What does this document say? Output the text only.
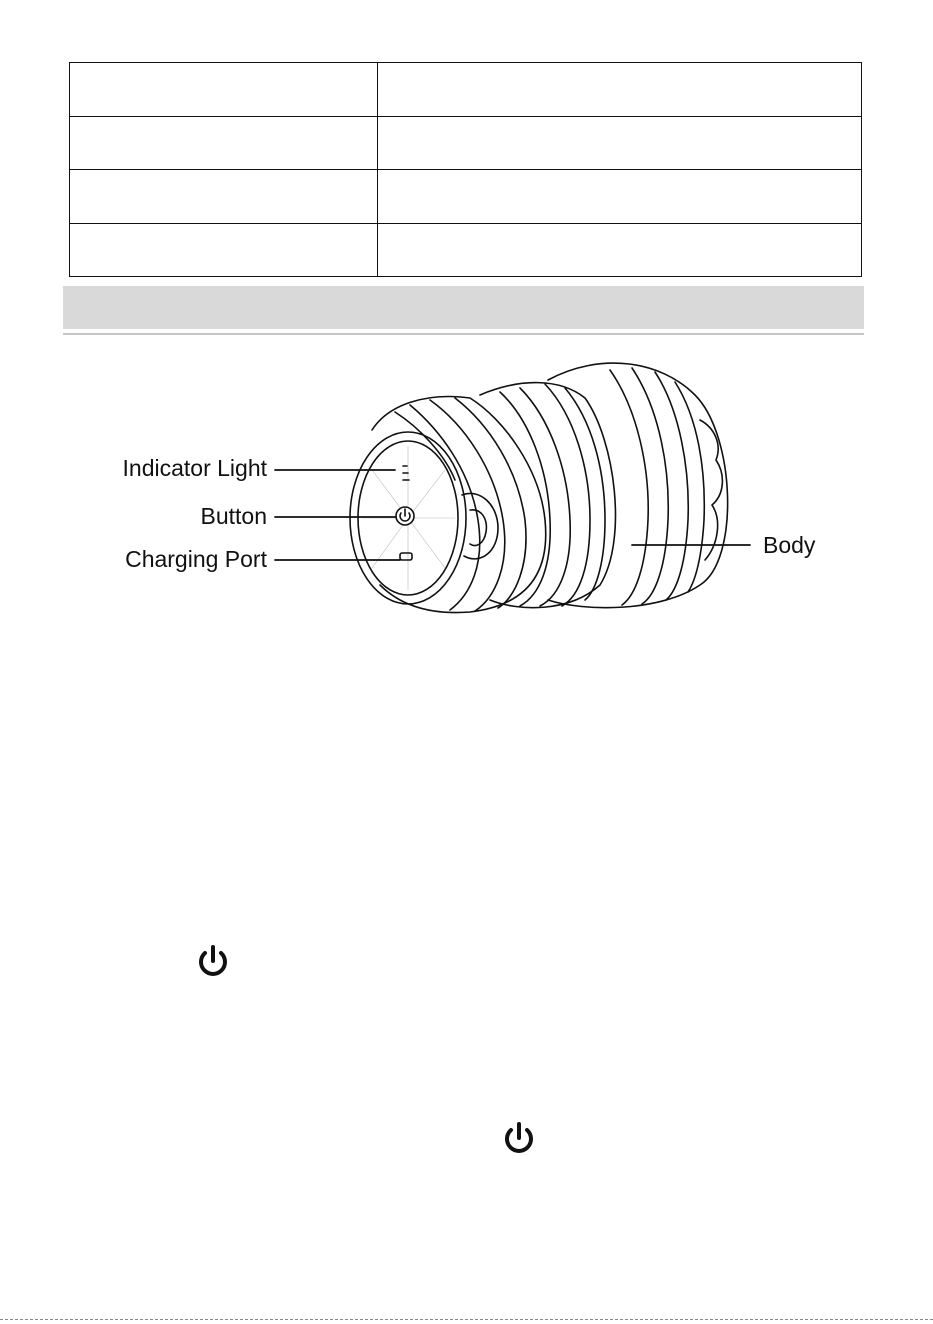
Indicator Light
Button
Charging Port
Body
